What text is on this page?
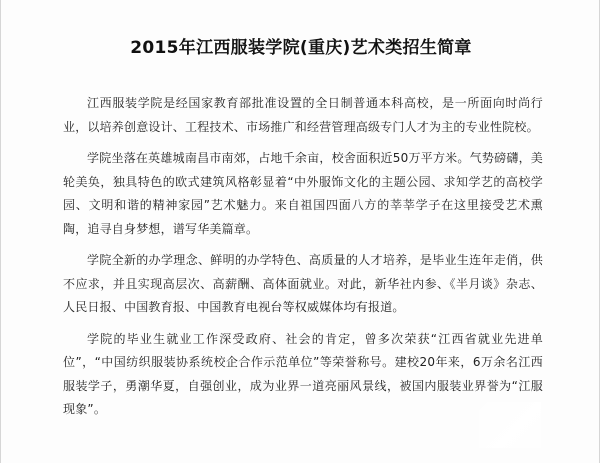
2015年江西服装学院(重庆)艺术类招生简章

江西服装学院是经国家教育部批准设置的全日制普通本科高校，是一所面向时尚行业，以培养创意设计、工程技术、市场推广和经营管理高级专门人才为主的专业性院校。

学院坐落在英雄城南昌市南郊，占地千余亩，校舍面积近50万平方米。气势磅礴，美轮美奂，独具特色的欧式建筑风格彰显着“中外服饰文化的主题公园、求知学艺的高校学园、文明和谐的精神家园”艺术魅力。来自祖国四面八方的莘莘学子在这里接受艺术熏陶，追寻自身梦想，谱写华美篇章。

学院全新的办学理念、鲜明的办学特色、高质量的人才培养，是毕业生连年走俏，供不应求，并且实现高层次、高薪酬、高体面就业。对此，新华社内参、《半月谈》杂志、人民日报、中国教育报、中国教育电视台等权威媒体均有报道。

学院的毕业生就业工作深受政府、社会的肯定，曾多次荣获“江西省就业先进单位”，“中国纺织服装协系统校企合作示范单位”等荣誉称号。建校20年来，6万余名江西服装学子，勇潮华夏，自强创业，成为业界一道亮丽风景线，被国内服装业界誉为“江服现象”。
